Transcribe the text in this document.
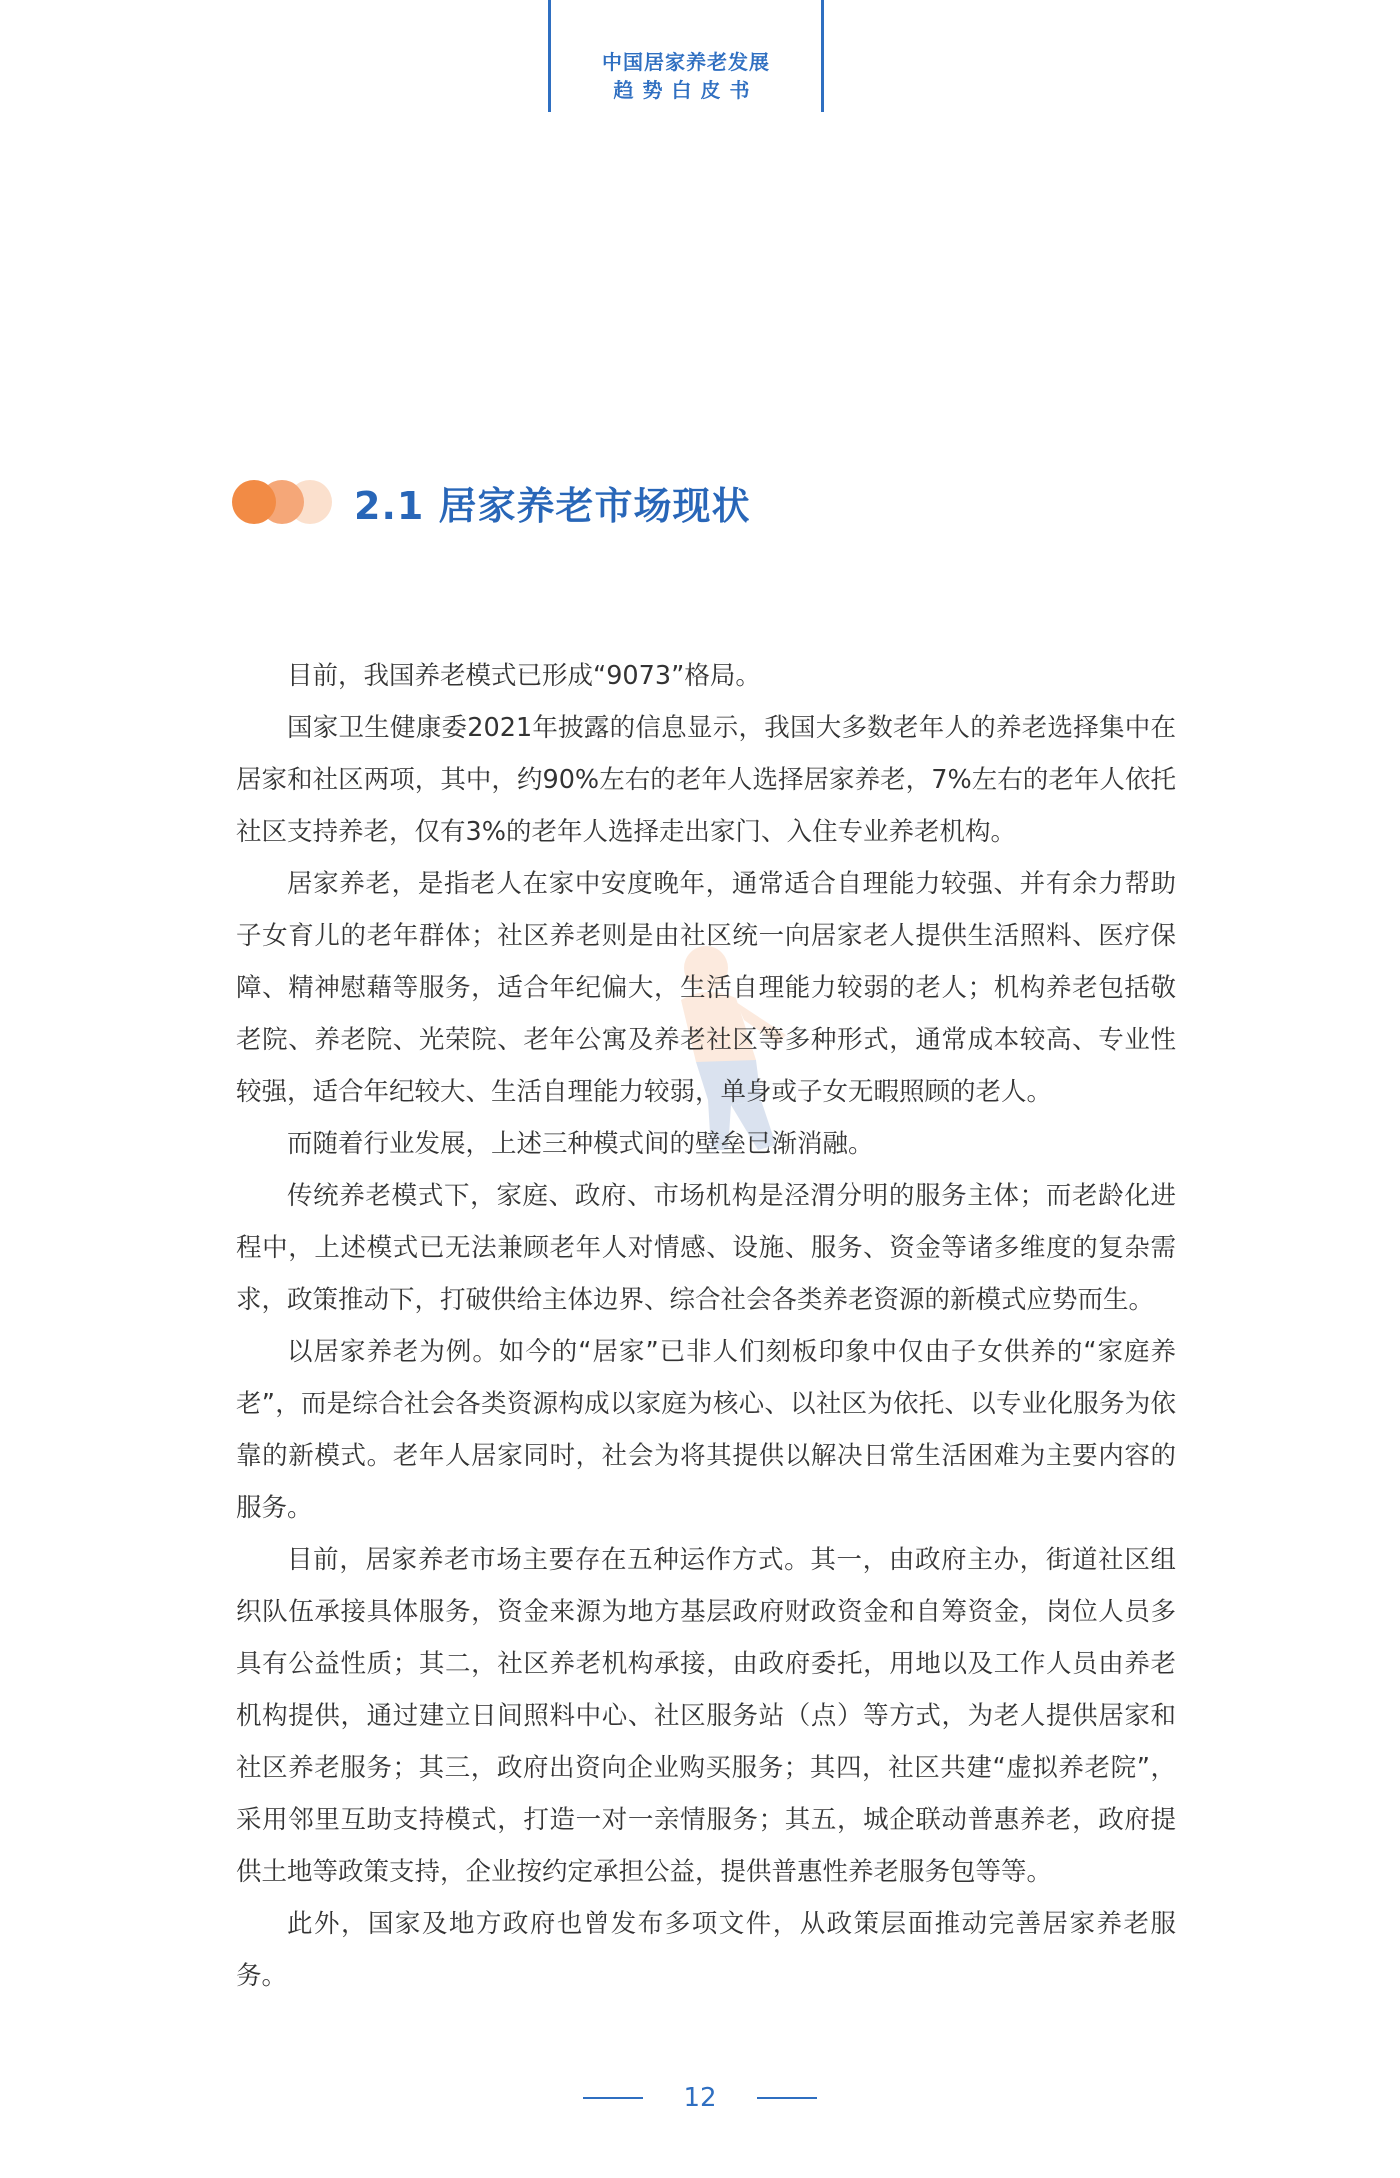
中国居家养老发展
趋势白皮书
2.1 居家养老市场现状

目前，我国养老模式已形成“9073”格局。

国家卫生健康委2021年披露的信息显示，我国大多数老年人的养老选择集中在居家和社区两项，其中，约90%左右的老年人选择居家养老，7%左右的老年人依托社区支持养老，仅有3%的老年人选择走出家门、入住专业养老机构。

居家养老，是指老人在家中安度晚年，通常适合自理能力较强、并有余力帮助子女育儿的老年群体；社区养老则是由社区统一向居家老人提供生活照料、医疗保障、精神慰藉等服务，适合年纪偏大，生活自理能力较弱的老人；机构养老包括敬老院、养老院、光荣院、老年公寓及养老社区等多种形式，通常成本较高、专业性较强，适合年纪较大、生活自理能力较弱，单身或子女无暇照顾的老人。

而随着行业发展，上述三种模式间的壁垒已渐消融。

传统养老模式下，家庭、政府、市场机构是泾渭分明的服务主体；而老龄化进程中，上述模式已无法兼顾老年人对情感、设施、服务、资金等诸多维度的复杂需求，政策推动下，打破供给主体边界、综合社会各类养老资源的新模式应势而生。

以居家养老为例。如今的“居家”已非人们刻板印象中仅由子女供养的“家庭养老”，而是综合社会各类资源构成以家庭为核心、以社区为依托、以专业化服务为依靠的新模式。老年人居家同时，社会为将其提供以解决日常生活困难为主要内容的服务。

目前，居家养老市场主要存在五种运作方式。其一，由政府主办，街道社区组织队伍承接具体服务，资金来源为地方基层政府财政资金和自筹资金，岗位人员多具有公益性质；其二，社区养老机构承接，由政府委托，用地以及工作人员由养老机构提供，通过建立日间照料中心、社区服务站（点）等方式，为老人提供居家和社区养老服务；其三，政府出资向企业购买服务；其四，社区共建“虚拟养老院”，采用邻里互助支持模式，打造一对一亲情服务；其五，城企联动普惠养老，政府提供土地等政策支持，企业按约定承担公益，提供普惠性养老服务包等等。

此外，国家及地方政府也曾发布多项文件，从政策层面推动完善居家养老服务。

12
